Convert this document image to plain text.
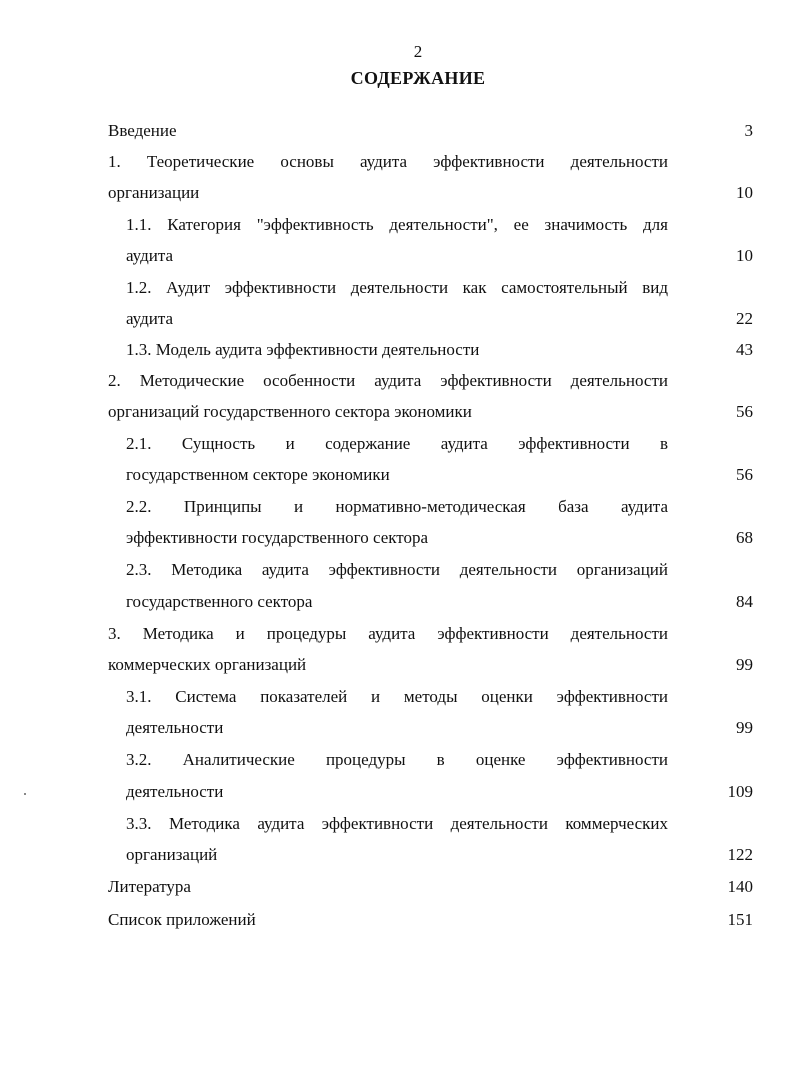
2
СОДЕРЖАНИЕ
Введение	3
1. Теоретические основы аудита эффективности деятельности
организации	10
1.1. Категория "эффективность деятельности", ее значимость для
аудита	10
1.2. Аудит эффективности деятельности как самостоятельный вид
аудита	22
1.3. Модель аудита эффективности деятельности	43
2. Методические особенности аудита эффективности деятельности
организаций государственного сектора экономики	56
2.1. Сущность и содержание аудита эффективности в
государственном секторе экономики	56
2.2. Принципы и нормативно-методическая база аудита
эффективности государственного сектора	68
2.3. Методика аудита эффективности деятельности организаций
государственного сектора	84
3. Методика и процедуры аудита эффективности деятельности
коммерческих организаций	99
3.1. Система показателей и методы оценки эффективности
деятельности	99
3.2. Аналитические процедуры в оценке эффективности
деятельности	109
3.3. Методика аудита эффективности деятельности коммерческих
организаций	122
Литература	140
Список приложений	151
